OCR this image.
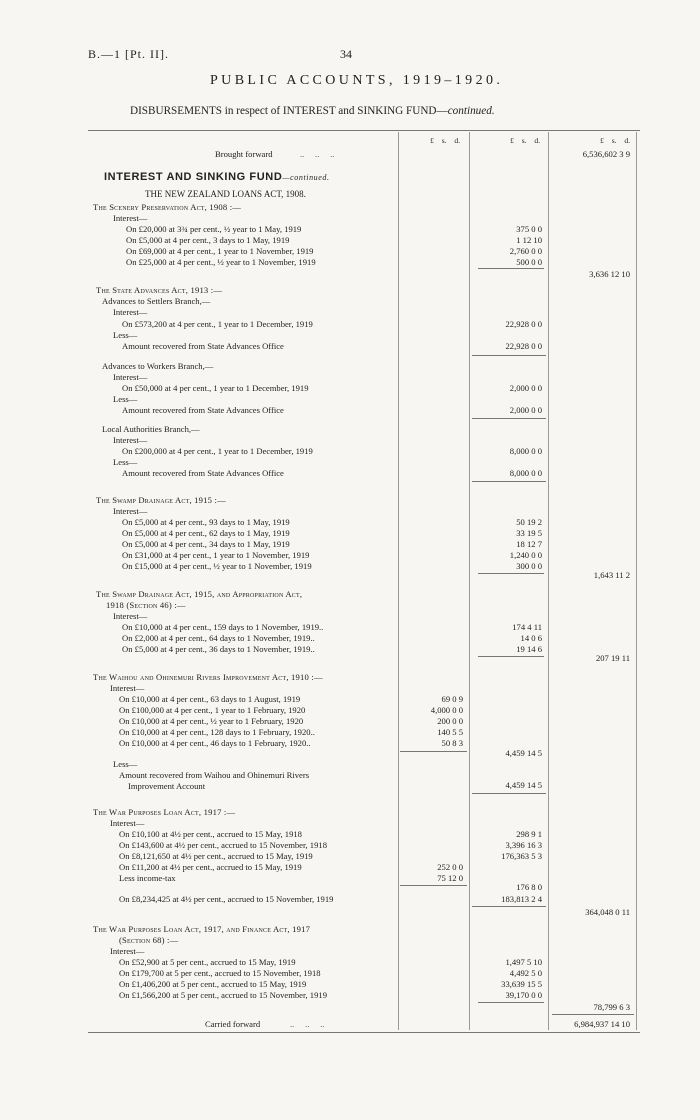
B.—1 [Pt. II].	34
PUBLIC ACCOUNTS, 1919–1920.
DISBURSEMENTS in respect of INTEREST and SINKING FUND—continued.
£ s. d.	£ s. d.	£ s. d.
Brought forward	..     ..     ..	6,536,602 3 9
INTEREST AND SINKING FUND—continued.
THE NEW ZEALAND LOANS ACT, 1908.
The Scenery Preservation Act, 1908 :—
Interest—
On £20,000 at 3¾ per cent., ½ year to 1 May, 1919	375 0 0
On £5,000 at 4 per cent., 3 days to 1 May, 1919	1 12 10
On £69,000 at 4 per cent., 1 year to 1 November, 1919	2,760 0 0
On £25,000 at 4 per cent., ½ year to 1 November, 1919	500 0 0
3,636 12 10
The State Advances Act, 1913 :—
Advances to Settlers Branch,—
Interest—
On £573,200 at 4 per cent., 1 year to 1 December, 1919	22,928 0 0
Less—
Amount recovered from State Advances Office	22,928 0 0
Advances to Workers Branch,—
Interest—
On £50,000 at 4 per cent., 1 year to 1 December, 1919	2,000 0 0
Less—
Amount recovered from State Advances Office	2,000 0 0
Local Authorities Branch,—
Interest—
On £200,000 at 4 per cent., 1 year to 1 December, 1919	8,000 0 0
Less—
Amount recovered from State Advances Office	8,000 0 0
The Swamp Drainage Act, 1915 :—
Interest—
On £5,000 at 4 per cent., 93 days to 1 May, 1919	50 19 2
On £5,000 at 4 per cent., 62 days to 1 May, 1919	33 19 5
On £5,000 at 4 per cent., 34 days to 1 May, 1919	18 12 7
On £31,000 at 4 per cent., 1 year to 1 November, 1919	1,240 0 0
On £15,000 at 4 per cent., ½ year to 1 November, 1919	300 0 0
1,643 11 2
The Swamp Drainage Act, 1915, and Appropriation Act,
1918 (Section 46) :—
Interest—
On £10,000 at 4 per cent., 159 days to 1 November, 1919..	174 4 11
On £2,000 at 4 per cent., 64 days to 1 November, 1919..	14 0 6
On £5,000 at 4 per cent., 36 days to 1 November, 1919..	19 14 6
207 19 11
The Waihou and Ohinemuri Rivers Improvement Act, 1910 :—
Interest—
On £10,000 at 4 per cent., 63 days to 1 August, 1919	69 0 9
On £100,000 at 4 per cent., 1 year to 1 February, 1920	4,000 0 0
On £10,000 at 4 per cent., ½ year to 1 February, 1920	200 0 0
On £10,000 at 4 per cent., 128 days to 1 February, 1920..	140 5 5
On £10,000 at 4 per cent., 46 days to 1 February, 1920..	50 8 3
4,459 14 5
Less—
Amount recovered from Waihou and Ohinemuri Rivers
Improvement Account	4,459 14 5
The War Purposes Loan Act, 1917 :—
Interest—
On £10,100 at 4½ per cent., accrued to 15 May, 1918	298 9 1
On £143,600 at 4½ per cent., accrued to 15 November, 1918	3,396 16 3
On £8,121,650 at 4½ per cent., accrued to 15 May, 1919	176,363 5 3
On £11,200 at 4½ per cent., accrued to 15 May, 1919	252 0 0
Less income-tax	75 12 0
176 8 0
On £8,234,425 at 4½ per cent., accrued to 15 November, 1919	183,813 2 4
364,048 0 11
The War Purposes Loan Act, 1917, and Finance Act, 1917
(Section 68) :—
Interest—
On £52,900 at 5 per cent., accrued to 15 May, 1919	1,497 5 10
On £179,700 at 5 per cent., accrued to 15 November, 1918	4,492 5 0
On £1,406,200 at 5 per cent., accrued to 15 May, 1919	33,639 15 5
On £1,566,200 at 5 per cent., accrued to 15 November, 1919	39,170 0 0
78,799 6 3
Carried forward	..     ..     ..	6,984,937 14 10
